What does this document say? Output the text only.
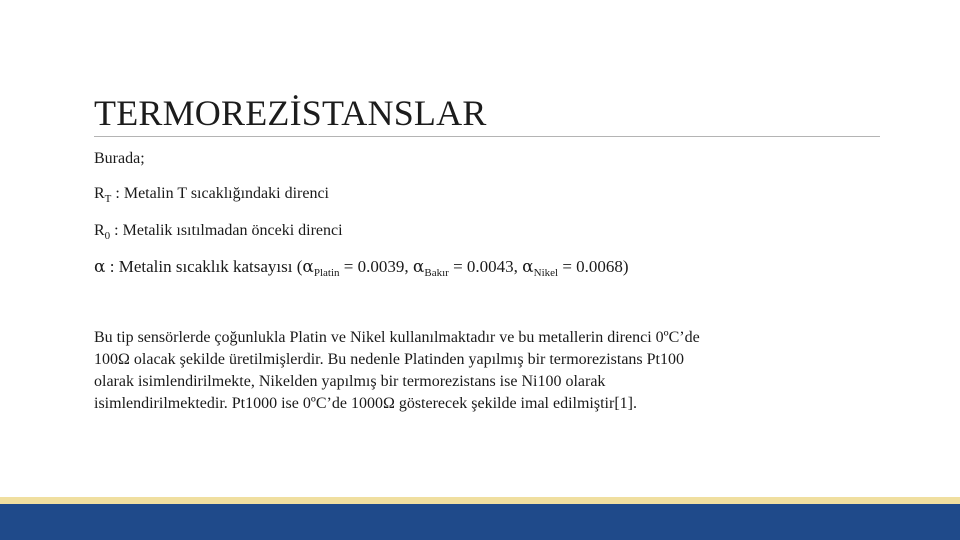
TERMOREZİSTANSLAR
Burada;
$R_T$ : Metalin T sıcaklığındaki direnci
$R_0$ : Metalik ısıtılmadan önceki direnci
α : Metalin sıcaklık katsayısı ($\alpha_{Platin} = 0.0039$, $\alpha_{Bakır} = 0.0043$, $\alpha_{Nikel} = 0.0068$)
Bu tip sensörlerde çoğunlukla Platin ve Nikel kullanılmaktadır ve bu metallerin direnci 0ºC’de
100Ω olacak şekilde üretilmişlerdir. Bu nedenle Platinden yapılmış bir termorezistans Pt100
olarak isimlendirilmekte, Nikelden yapılmış bir termorezistans ise Ni100 olarak
isimlendirilmektedir. Pt1000 ise 0ºC’de 1000Ω gösterecek şekilde imal edilmiştir[1].
